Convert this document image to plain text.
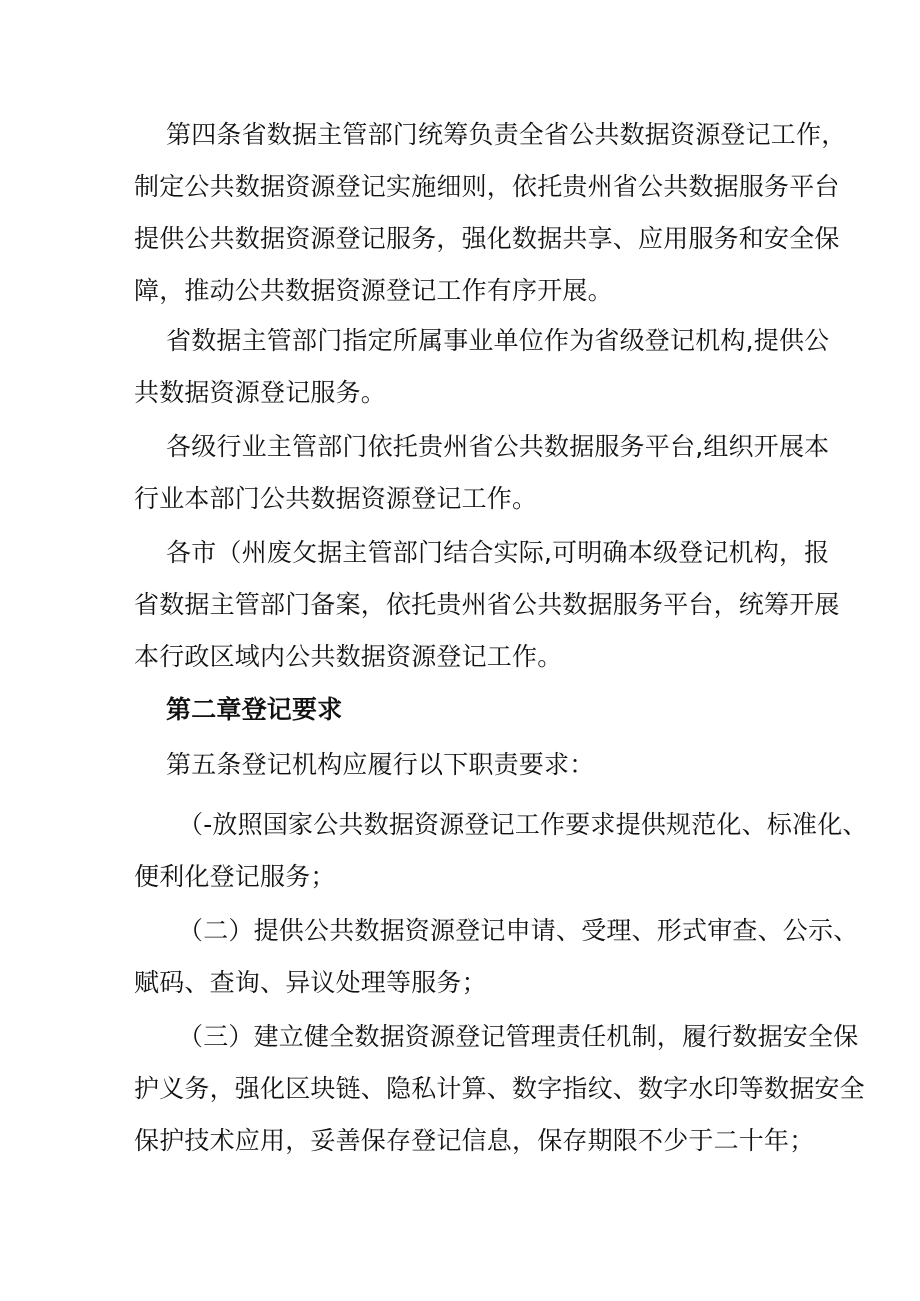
第四条省数据主管部门统筹负责全省公共数据资源登记工作，
制定公共数据资源登记实施细则，依托贵州省公共数据服务平台
提供公共数据资源登记服务，强化数据共享、应用服务和安全保
障，推动公共数据资源登记工作有序开展。

省数据主管部门指定所属事业单位作为省级登记机构,提供公
共数据资源登记服务。

各级行业主管部门依托贵州省公共数据服务平台,组织开展本
行业本部门公共数据资源登记工作。

各市（州废攵据主管部门结合实际,可明确本级登记机构，报
省数据主管部门备案，依托贵州省公共数据服务平台，统筹开展
本行政区域内公共数据资源登记工作。

第二章登记要求

第五条登记机构应履行以下职责要求：

（-放照国家公共数据资源登记工作要求提供规范化、标准化、
便利化登记服务；

（二）提供公共数据资源登记申请、受理、形式审查、公示、
赋码、查询、异议处理等服务；

（三）建立健全数据资源登记管理责任机制，履行数据安全保
护义务，强化区块链、隐私计算、数字指纹、数字水印等数据安全
保护技术应用，妥善保存登记信息，保存期限不少于二十年；
